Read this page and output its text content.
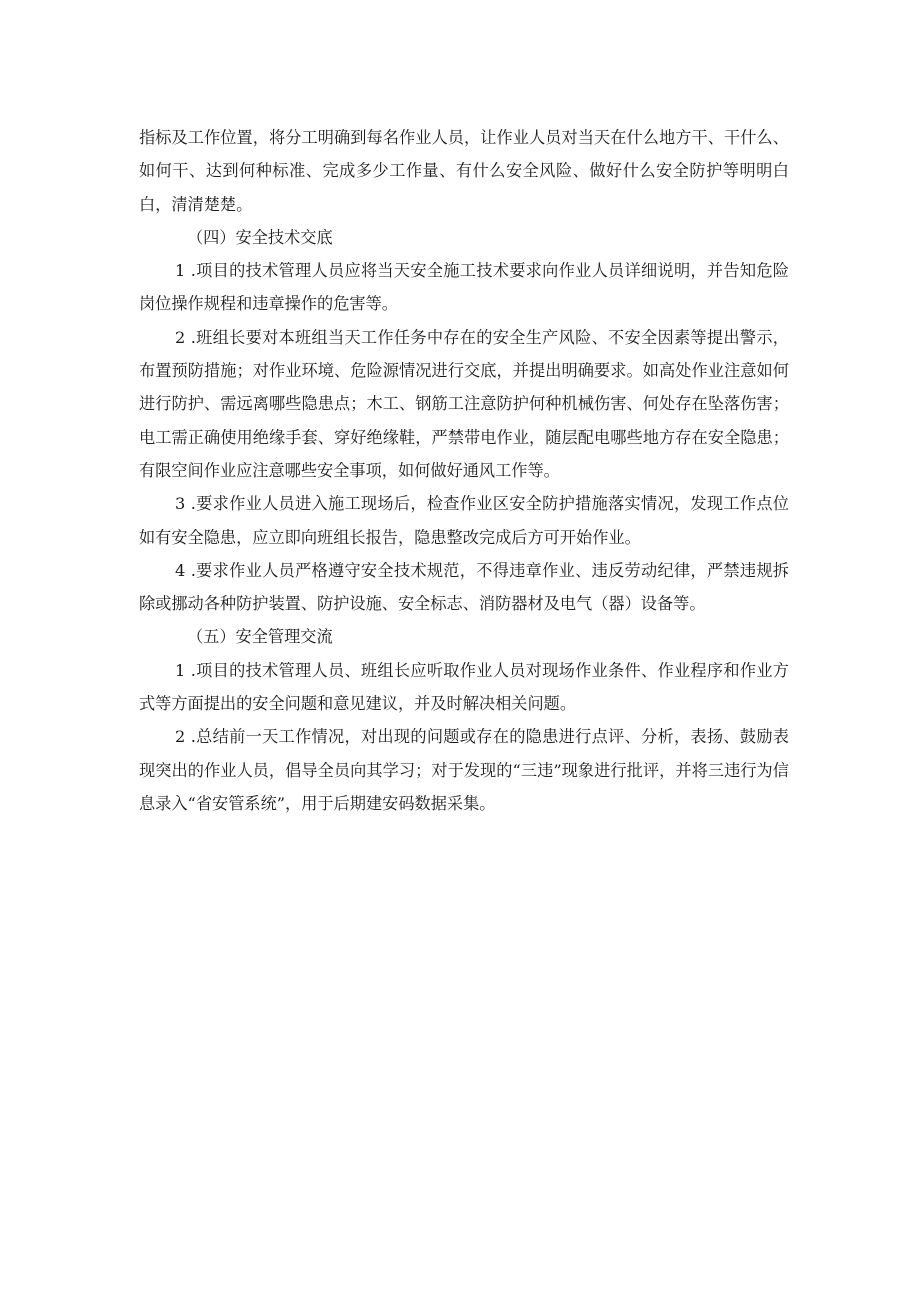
指标及工作位置，将分工明确到每名作业人员，让作业人员对当天在什么地方干、干什么、如何干、达到何种标准、完成多少工作量、有什么安全风险、做好什么安全防护等明明白白，清清楚楚。

（四）安全技术交底

1 .项目的技术管理人员应将当天安全施工技术要求向作业人员详细说明，并告知危险岗位操作规程和违章操作的危害等。

2 .班组长要对本班组当天工作任务中存在的安全生产风险、不安全因素等提出警示，布置预防措施；对作业环境、危险源情况进行交底，并提出明确要求。如高处作业注意如何进行防护、需远离哪些隐患点；木工、钢筋工注意防护何种机械伤害、何处存在坠落伤害；电工需正确使用绝缘手套、穿好绝缘鞋，严禁带电作业，随层配电哪些地方存在安全隐患；有限空间作业应注意哪些安全事项，如何做好通风工作等。

3 .要求作业人员进入施工现场后，检查作业区安全防护措施落实情况，发现工作点位如有安全隐患，应立即向班组长报告，隐患整改完成后方可开始作业。

4 .要求作业人员严格遵守安全技术规范，不得违章作业、违反劳动纪律，严禁违规拆除或挪动各种防护装置、防护设施、安全标志、消防器材及电气（器）设备等。

（五）安全管理交流

1 .项目的技术管理人员、班组长应听取作业人员对现场作业条件、作业程序和作业方式等方面提出的安全问题和意见建议，并及时解决相关问题。

2 .总结前一天工作情况，对出现的问题或存在的隐患进行点评、分析，表扬、鼓励表现突出的作业人员，倡导全员向其学习；对于发现的“三违”现象进行批评，并将三违行为信息录入“省安管系统”，用于后期建安码数据采集。
